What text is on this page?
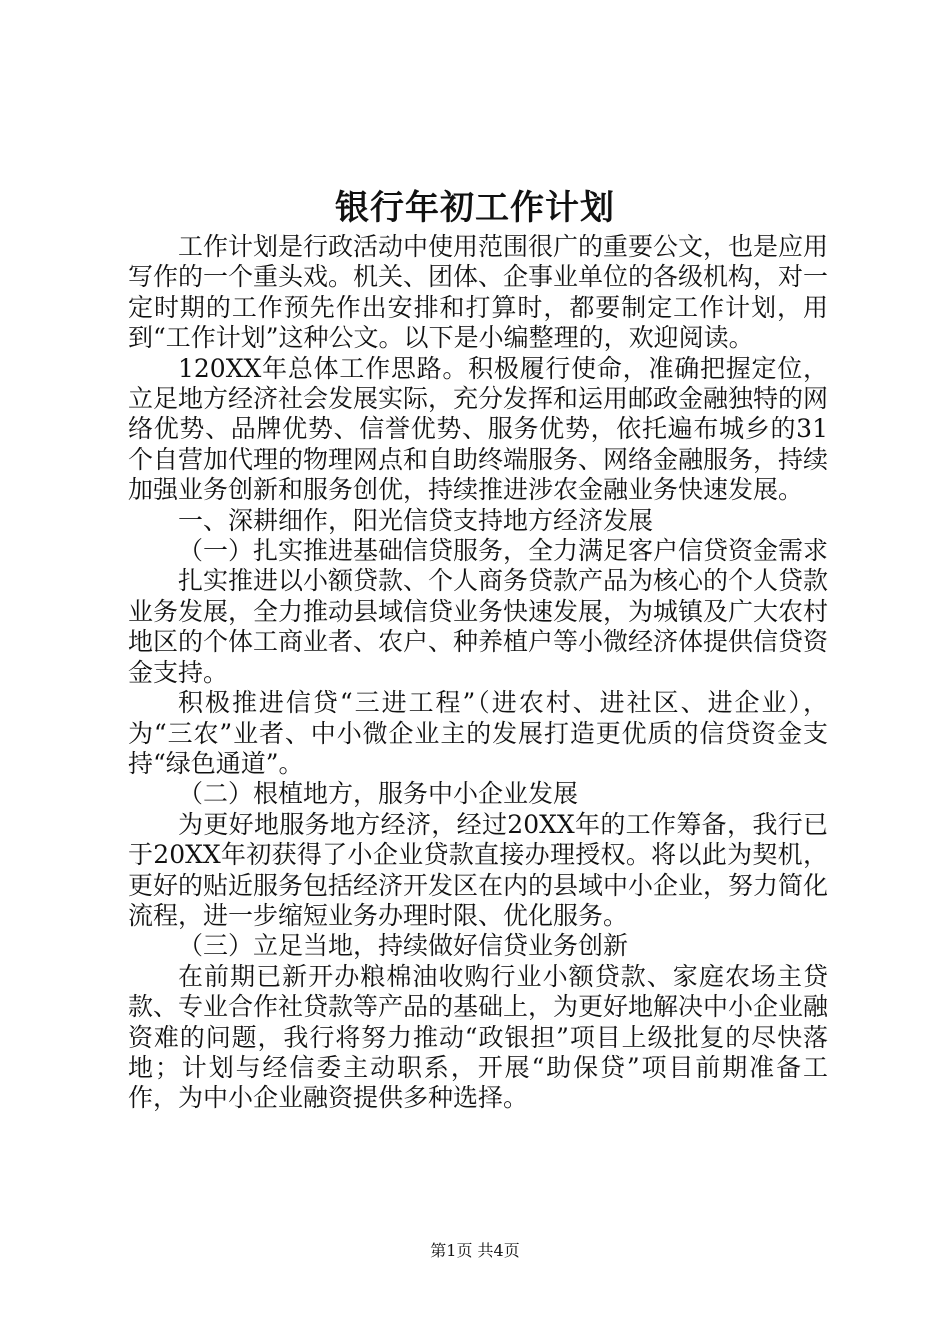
银行年初工作计划

工作计划是行政活动中使用范围很广的重要公文，也是应用写作的一个重头戏。机关、团体、企事业单位的各级机构，对一定时期的工作预先作出安排和打算时，都要制定工作计划，用到“工作计划”这种公文。以下是小编整理的，欢迎阅读。

120XX年总体工作思路。积极履行使命，准确把握定位，立足地方经济社会发展实际，充分发挥和运用邮政金融独特的网络优势、品牌优势、信誉优势、服务优势，依托遍布城乡的31个自营加代理的物理网点和自助终端服务、网络金融服务，持续加强业务创新和服务创优，持续推进涉农金融业务快速发展。

一、深耕细作，阳光信贷支持地方经济发展

（一）扎实推进基础信贷服务，全力满足客户信贷资金需求

扎实推进以小额贷款、个人商务贷款产品为核心的个人贷款业务发展，全力推动县域信贷业务快速发展，为城镇及广大农村地区的个体工商业者、农户、种养植户等小微经济体提供信贷资金支持。

积极推进信贷“三进工程”（进农村、进社区、进企业），为“三农”业者、中小微企业主的发展打造更优质的信贷资金支持“绿色通道”。

（二）根植地方，服务中小企业发展

为更好地服务地方经济，经过20XX年的工作筹备，我行已于20XX年初获得了小企业贷款直接办理授权。将以此为契机，更好的贴近服务包括经济开发区在内的县域中小企业，努力简化流程，进一步缩短业务办理时限、优化服务。

（三）立足当地，持续做好信贷业务创新

在前期已新开办粮棉油收购行业小额贷款、家庭农场主贷款、专业合作社贷款等产品的基础上，为更好地解决中小企业融资难的问题，我行将努力推动“政银担”项目上级批复的尽快落地；计划与经信委主动职系，开展“助保贷”项目前期准备工作，为中小企业融资提供多种选择。

第1页 共4页
